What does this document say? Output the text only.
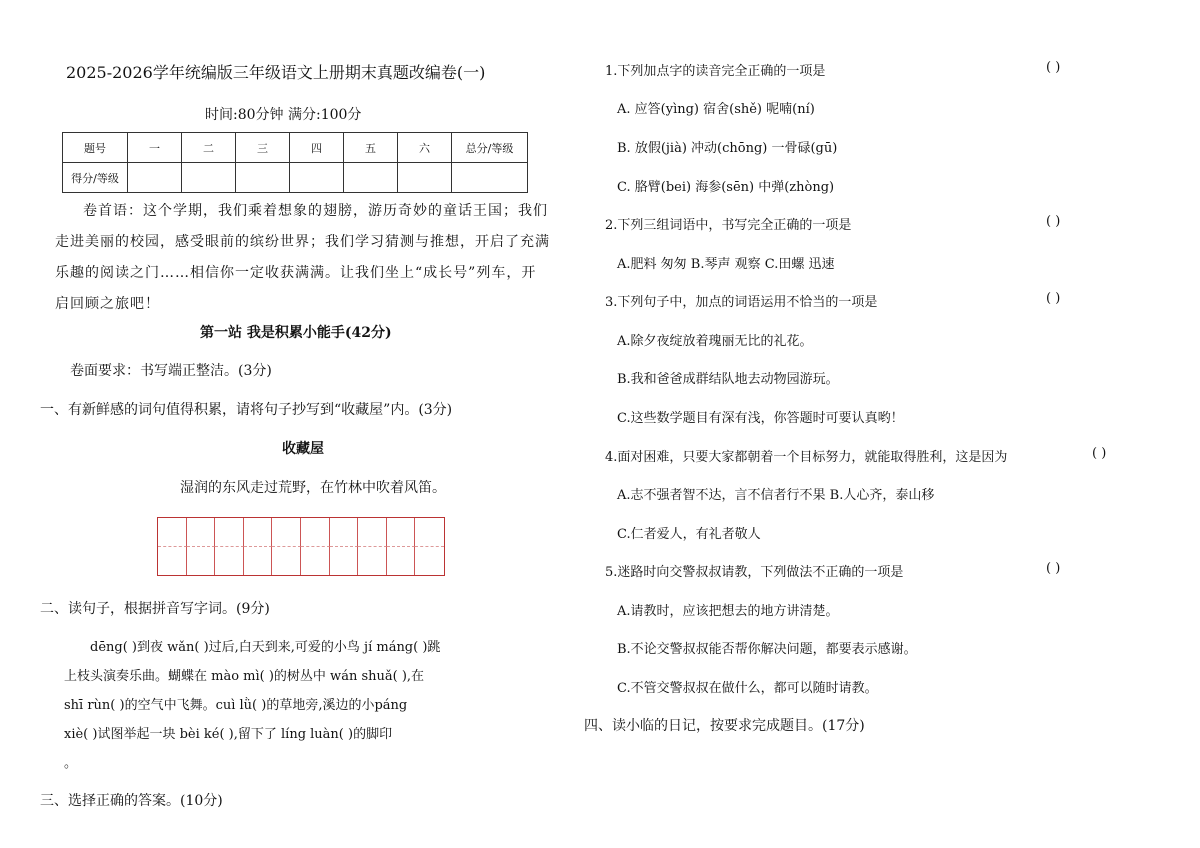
2025-2026学年统编版三年级语文上册期末真题改编卷(一)
时间:80分钟 满分:100分
题号	一	二	三	四	五	六	总分/等级
得分/等级							
卷首语：这个学期，我们乘着想象的翅膀，游历奇妙的童话王国；我们走进美丽的校园，感受眼前的缤纷世界；我们学习猜测与推想，开启了充满乐趣的阅读之门……相信你一定收获满满。让我们坐上“成长号”列车，开启回顾之旅吧！
第一站 我是积累小能手(42分)
卷面要求：书写端正整洁。(3分)
一、有新鲜感的词句值得积累，请将句子抄写到“收藏屋”内。(3分)
收藏屋
湿润的东风走过荒野，在竹林中吹着风笛。
二、读句子，根据拼音写字词。(9分)
dēng( )到夜 wǎn( )过后,白天到来,可爱的小鸟 jí máng( )跳
上枝头演奏乐曲。蝴蝶在 mào mì( )的树丛中 wán shuǎ( ),在
shī rùn( )的空气中飞舞。cuì lǜ( )的草地旁,溪边的小páng
xiè( )试图举起一块 bèi ké( ),留下了 líng luàn( )的脚印
。
三、选择正确的答案。(10分)
1.下列加点字的读音完全正确的一项是	( )
A. 应答(yìng) 宿舍(shě) 呢喃(ní)
B. 放假(jià) 冲动(chōng) 一骨碌(gū)
C. 胳臂(bei) 海参(sēn) 中弹(zhòng)
2.下列三组词语中，书写完全正确的一项是	( )
A.肥料 匆匆 B.琴声 观察 C.田螺 迅速
3.下列句子中，加点的词语运用不恰当的一项是	( )
A.除夕夜绽放着瑰丽无比的礼花。
B.我和爸爸成群结队地去动物园游玩。
C.这些数学题目有深有浅，你答题时可要认真哟！
4.面对困难，只要大家都朝着一个目标努力，就能取得胜利，这是因为	( )
A.志不强者智不达，言不信者行不果 B.人心齐，泰山移
C.仁者爱人，有礼者敬人
5.迷路时向交警叔叔请教，下列做法不正确的一项是	( )
A.请教时，应该把想去的地方讲清楚。
B.不论交警叔叔能否帮你解决问题，都要表示感谢。
C.不管交警叔叔在做什么，都可以随时请教。
四、读小临的日记，按要求完成题目。(17分)
